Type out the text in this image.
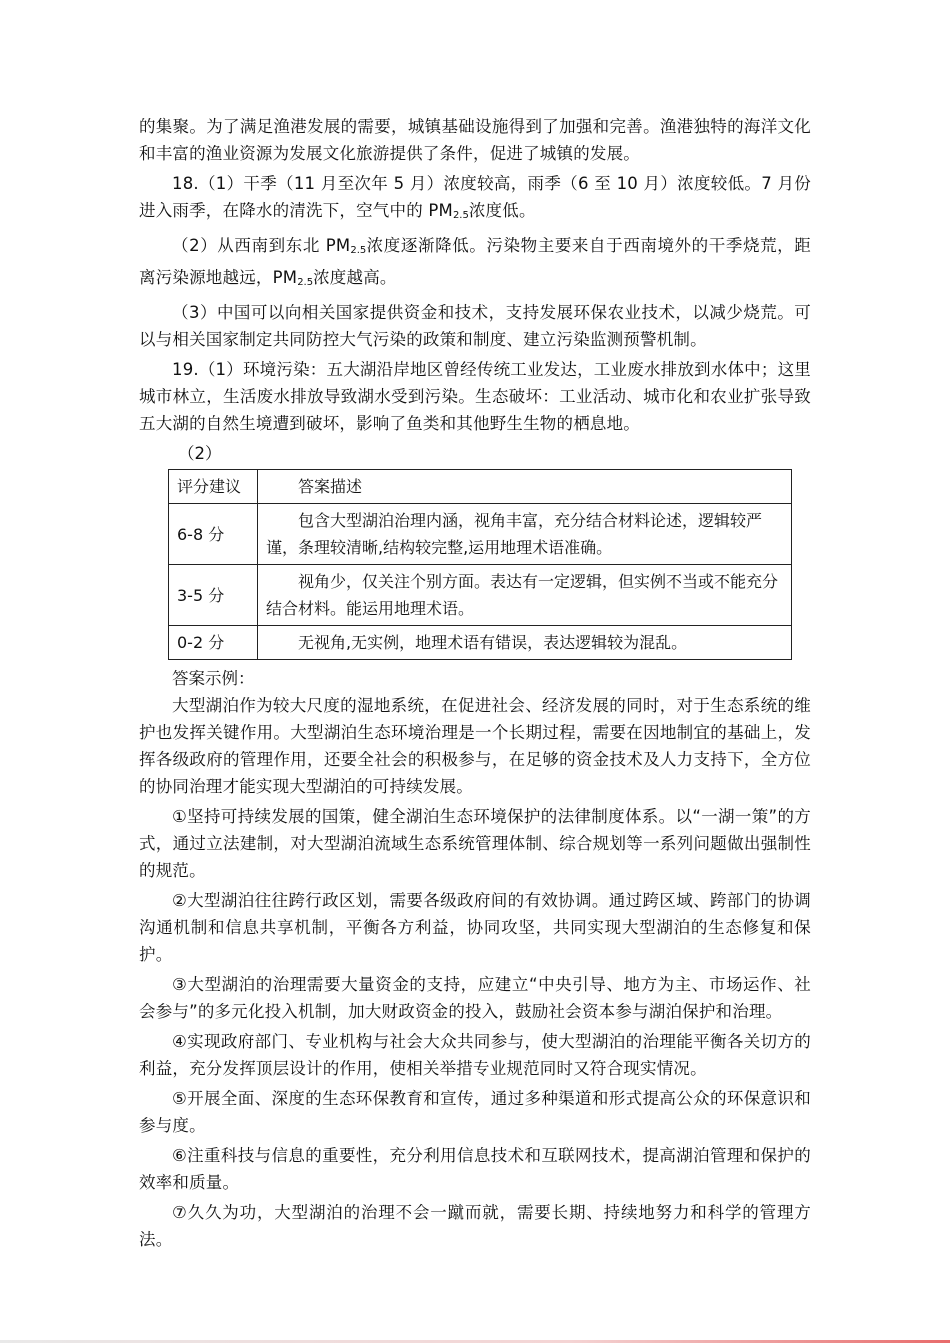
的集聚。为了满足渔港发展的需要，城镇基础设施得到了加强和完善。渔港独特的海洋文化和丰富的渔业资源为发展文化旅游提供了条件，促进了城镇的发展。

18.（1）干季（11 月至次年 5 月）浓度较高，雨季（6 至 10 月）浓度较低。7 月份进入雨季，在降水的清洗下，空气中的 $PM_{2.5}$浓度低。

（2）从西南到东北 $PM_{2.5}$浓度逐渐降低。污染物主要来自于西南境外的干季烧荒，距离污染源地越远，$PM_{2.5}$浓度越高。

（3）中国可以向相关国家提供资金和技术，支持发展环保农业技术，以减少烧荒。可以与相关国家制定共同防控大气污染的政策和制度、建立污染监测预警机制。

19.（1）环境污染：五大湖沿岸地区曾经传统工业发达，工业废水排放到水体中；这里城市林立，生活废水排放导致湖水受到污染。生态破坏：工业活动、城市化和农业扩张导致五大湖的自然生境遭到破坏，影响了鱼类和其他野生生物的栖息地。

（2）

评分建议	答案描述
6-8 分	包含大型湖泊治理内涵，视角丰富，充分结合材料论述，逻辑较严谨，条理较清晰,结构较完整,运用地理术语准确。
3-5 分	视角少，仅关注个别方面。表达有一定逻辑，但实例不当或不能充分结合材料。能运用地理术语。
0-2 分	无视角,无实例，地理术语有错误，表达逻辑较为混乱。

答案示例：

大型湖泊作为较大尺度的湿地系统，在促进社会、经济发展的同时，对于生态系统的维护也发挥关键作用。大型湖泊生态环境治理是一个长期过程，需要在因地制宜的基础上，发挥各级政府的管理作用，还要全社会的积极参与，在足够的资金技术及人力支持下，全方位的协同治理才能实现大型湖泊的可持续发展。

①坚持可持续发展的国策，健全湖泊生态环境保护的法律制度体系。以“一湖一策”的方式，通过立法建制，对大型湖泊流域生态系统管理体制、综合规划等一系列问题做出强制性的规范。

②大型湖泊往往跨行政区划，需要各级政府间的有效协调。通过跨区域、跨部门的协调沟通机制和信息共享机制，平衡各方利益，协同攻坚，共同实现大型湖泊的生态修复和保护。

③大型湖泊的治理需要大量资金的支持，应建立“中央引导、地方为主、市场运作、社会参与”的多元化投入机制，加大财政资金的投入，鼓励社会资本参与湖泊保护和治理。

④实现政府部门、专业机构与社会大众共同参与，使大型湖泊的治理能平衡各关切方的利益，充分发挥顶层设计的作用，使相关举措专业规范同时又符合现实情况。

⑤开展全面、深度的生态环保教育和宣传，通过多种渠道和形式提高公众的环保意识和参与度。

⑥注重科技与信息的重要性，充分利用信息技术和互联网技术，提高湖泊管理和保护的效率和质量。

⑦久久为功，大型湖泊的治理不会一蹴而就，需要长期、持续地努力和科学的管理方法。
